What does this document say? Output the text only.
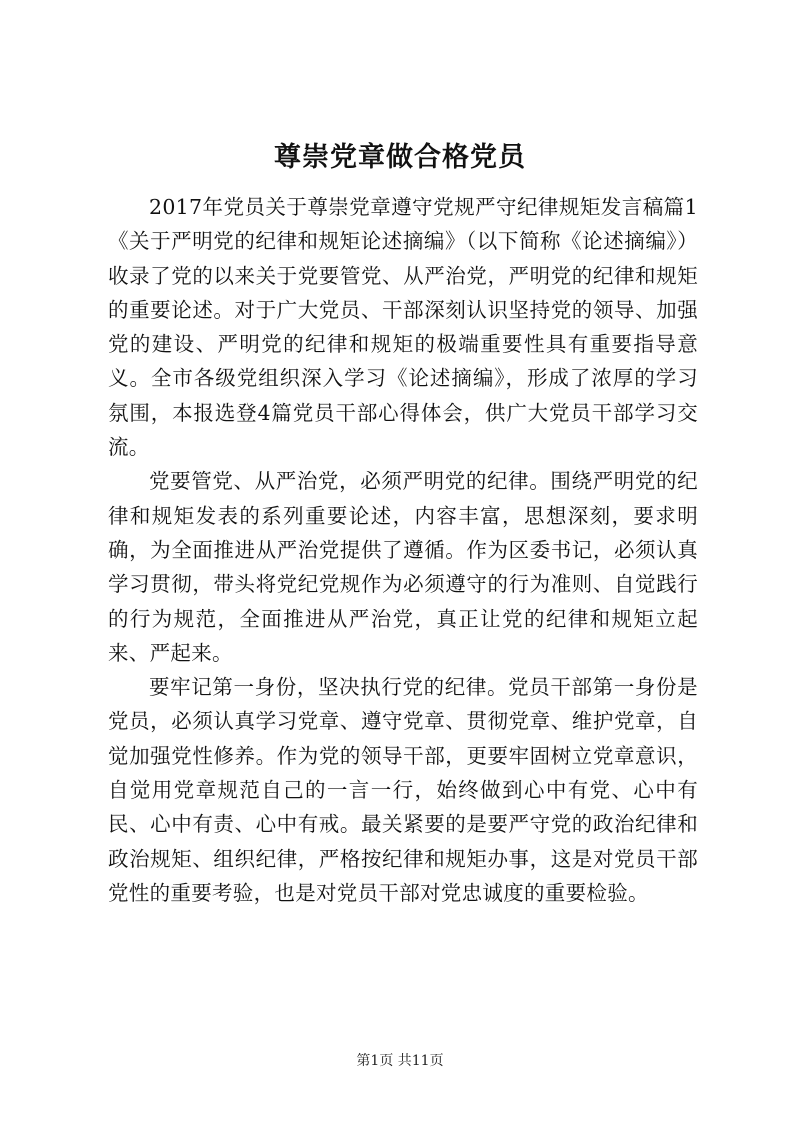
尊崇党章做合格党员

2017年党员关于尊崇党章遵守党规严守纪律规矩发言稿篇1《关于严明党的纪律和规矩论述摘编》（以下简称《论述摘编》）收录了党的以来关于党要管党、从严治党，严明党的纪律和规矩的重要论述。对于广大党员、干部深刻认识坚持党的领导、加强党的建设、严明党的纪律和规矩的极端重要性具有重要指导意义。全市各级党组织深入学习《论述摘编》，形成了浓厚的学习氛围，本报选登4篇党员干部心得体会，供广大党员干部学习交流。

党要管党、从严治党，必须严明党的纪律。围绕严明党的纪律和规矩发表的系列重要论述，内容丰富，思想深刻，要求明确，为全面推进从严治党提供了遵循。作为区委书记，必须认真学习贯彻，带头将党纪党规作为必须遵守的行为准则、自觉践行的行为规范，全面推进从严治党，真正让党的纪律和规矩立起来、严起来。

要牢记第一身份，坚决执行党的纪律。党员干部第一身份是党员，必须认真学习党章、遵守党章、贯彻党章、维护党章，自觉加强党性修养。作为党的领导干部，更要牢固树立党章意识，自觉用党章规范自己的一言一行，始终做到心中有党、心中有民、心中有责、心中有戒。最关紧要的是要严守党的政治纪律和政治规矩、组织纪律，严格按纪律和规矩办事，这是对党员干部党性的重要考验，也是对党员干部对党忠诚度的重要检验。

第1页 共11页
